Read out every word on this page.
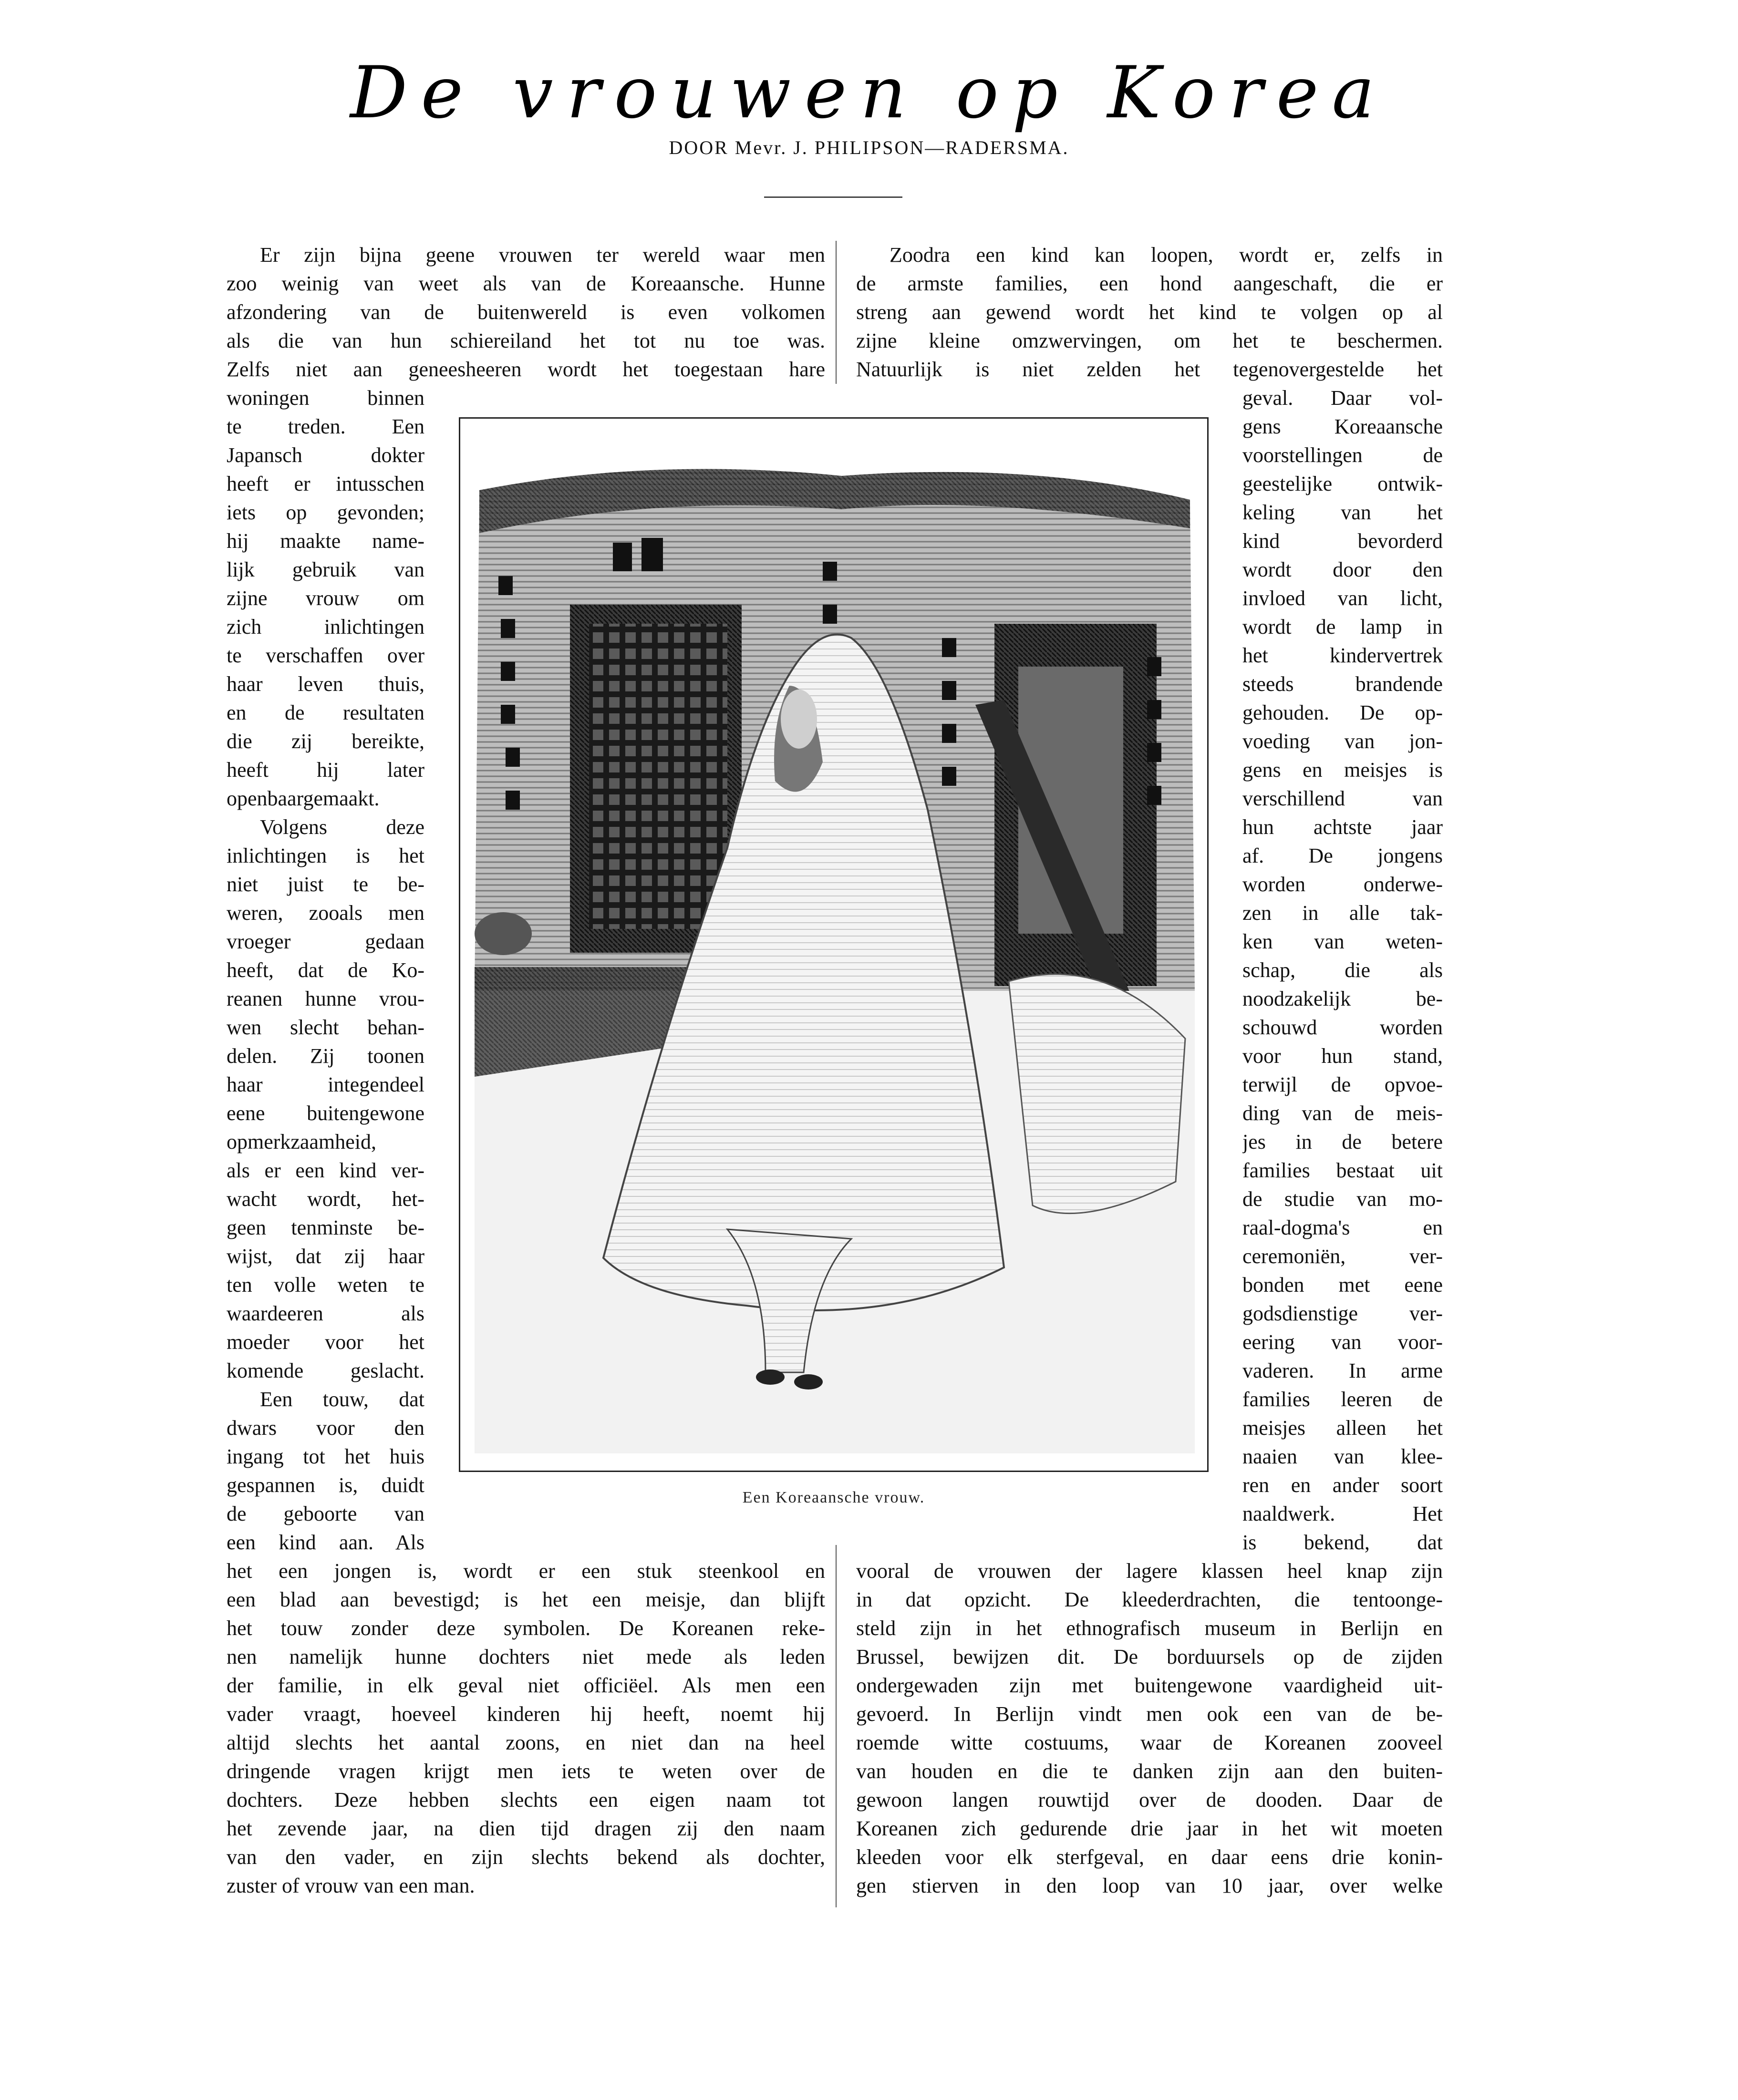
De vrouwen op Korea
DOOR Mevr. J. PHILIPSON—RADERSMA.
Een Koreaansche vrouw.
Er zijn bijna geene vrouwen ter wereld waar men
zoo weinig van weet als van de Koreaansche. Hunne
afzondering van de buitenwereld is even volkomen
als die van hun schiereiland het tot nu toe was.
Zelfs niet aan geneesheeren wordt het toegestaan hare
woningen binnen
te treden. Een
Japansch dokter
heeft er intusschen
iets op gevonden;
hij maakte name-
lijk gebruik van
zijne vrouw om
zich inlichtingen
te verschaffen over
haar leven thuis,
en de resultaten
die zij bereikte,
heeft hij later
openbaargemaakt.
Volgens deze
inlichtingen is het
niet juist te be-
weren, zooals men
vroeger gedaan
heeft, dat de Ko-
reanen hunne vrou-
wen slecht behan-
delen. Zij toonen
haar integendeel
eene buitengewone
opmerkzaamheid,
als er een kind ver-
wacht wordt, het-
geen tenminste be-
wijst, dat zij haar
ten volle weten te
waardeeren als
moeder voor het
komende geslacht.
Een touw, dat
dwars voor den
ingang tot het huis
gespannen is, duidt
de geboorte van
een kind aan. Als
het een jongen is, wordt er een stuk steenkool en
een blad aan bevestigd; is het een meisje, dan blijft
het touw zonder deze symbolen. De Koreanen reke-
nen namelijk hunne dochters niet mede als leden
der familie, in elk geval niet officiëel. Als men een
vader vraagt, hoeveel kinderen hij heeft, noemt hij
altijd slechts het aantal zoons, en niet dan na heel
dringende vragen krijgt men iets te weten over de
dochters. Deze hebben slechts een eigen naam tot
het zevende jaar, na dien tijd dragen zij den naam
van den vader, en zijn slechts bekend als dochter,
zuster of vrouw van een man.
Zoodra een kind kan loopen, wordt er, zelfs in
de armste families, een hond aangeschaft, die er
streng aan gewend wordt het kind te volgen op al
zijne kleine omzwervingen, om het te beschermen.
Natuurlijk is niet zelden het tegenovergestelde het
geval. Daar vol-
gens Koreaansche
voorstellingen de
geestelijke ontwik-
keling van het
kind bevorderd
wordt door den
invloed van licht,
wordt de lamp in
het kindervertrek
steeds brandende
gehouden. De op-
voeding van jon-
gens en meisjes is
verschillend van
hun achtste jaar
af. De jongens
worden onderwe-
zen in alle tak-
ken van weten-
schap, die als
noodzakelijk be-
schouwd worden
voor hun stand,
terwijl de opvoe-
ding van de meis-
jes in de betere
families bestaat uit
de studie van mo-
raal-dogma's en
ceremoniën, ver-
bonden met eene
godsdienstige ver-
eering van voor-
vaderen. In arme
families leeren de
meisjes alleen het
naaien van klee-
ren en ander soort
naaldwerk. Het
is bekend, dat
vooral de vrouwen der lagere klassen heel knap zijn
in dat opzicht. De kleederdrachten, die tentoonge-
steld zijn in het ethnografisch museum in Berlijn en
Brussel, bewijzen dit. De borduursels op de zijden
ondergewaden zijn met buitengewone vaardigheid uit-
gevoerd. In Berlijn vindt men ook een van de be-
roemde witte costuums, waar de Koreanen zooveel
van houden en die te danken zijn aan den buiten-
gewoon langen rouwtijd over de dooden. Daar de
Koreanen zich gedurende drie jaar in het wit moeten
kleeden voor elk sterfgeval, en daar eens drie konin-
gen stierven in den loop van 10 jaar, over welke
